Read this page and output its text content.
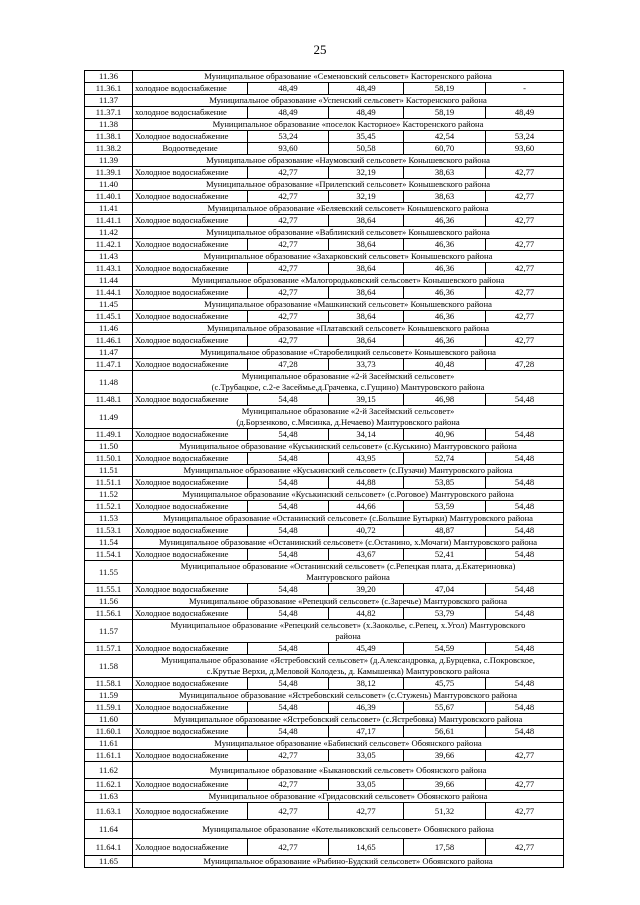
25
11.36	Муниципальное образование «Семеновский сельсовет» Касторенского района				

11.36.1	холодное водоснабжение	48,49	48,49	58,19	-
11.37	Муниципальное образование «Успенский сельсовет» Касторенского района				

11.37.1	холодное водоснабжение	48,49	48,49	58,19	48,49
11.38	Муниципальное образование «поселок Касторное» Касторенского района				

11.38.1	Холодное водоснабжение	53,24	35,45	42,54	53,24
11.38.2	Водоотведение	93,60	50,58	60,70	93,60
11.39	Муниципальное образование «Наумовский сельсовет» Конышевского района				

11.39.1	Холодное водоснабжение	42,77	32,19	38,63	42,77
11.40	Муниципальное образование «Прилепский сельсовет» Конышевского района				

11.40.1	Холодное водоснабжение	42,77	32,19	38,63	42,77
11.41	Муниципальное образование «Беляевский сельсовет» Конышевского района				

11.41.1	Холодное водоснабжение	42,77	38,64	46,36	42,77
11.42	Муниципальное образование «Ваблинский сельсовет» Конышевского района				

11.42.1	Холодное водоснабжение	42,77	38,64	46,36	42,77
11.43	Муниципальное образование «Захарковский сельсовет» Конышевского района				

11.43.1	Холодное водоснабжение	42,77	38,64	46,36	42,77
11.44	Муниципальное образование «Малогородьковский сельсовет» Конышевского района				

11.44.1	Холодное водоснабжение	42,77	38,64	46,36	42,77
11.45	Муниципальное образование «Машкинский сельсовет» Конышевского района				

11.45.1	Холодное водоснабжение	42,77	38,64	46,36	42,77
11.46	Муниципальное образование «Платавский сельсовет» Конышевского района				

11.46.1	Холодное водоснабжение	42,77	38,64	46,36	42,77
11.47	Муниципальное образование «Старобелицкий сельсовет» Конышевского района				

11.47.1	Холодное водоснабжение	47,28	33,73	40,48	47,28
11.48	Муниципальное образование «2-й Засеймский сельсовет»
(с.Трубацкое, с.2-е Засеймье,д.Грачевка, с.Гущино) Мантуровского района				

11.48.1	Холодное водоснабжение	54,48	39,15	46,98	54,48
11.49	Муниципальное образование «2-й Засеймский сельсовет»
(д.Борзенково, с.Мясинка, д.Нечаево) Мантуровского района				

11.49.1	Холодное водоснабжение	54,48	34,14	40,96	54,48
11.50	Муниципальное образование «Куськинский сельсовет» (с.Куськино) Мантуровского района				

11.50.1	Холодное водоснабжение	54,48	43,95	52,74	54,48
11.51	Муниципальное образование «Куськинский сельсовет» (с.Пузачи) Мантуровского района				

11.51.1	Холодное водоснабжение	54,48	44,88	53,85	54,48
11.52	Муниципальное образование «Куськинский сельсовет» (с.Роговое) Мантуровского района				

11.52.1	Холодное водоснабжение	54,48	44,66	53,59	54,48
11.53	Муниципальное образование «Останинский сельсовет» (с.Большие Бутырки) Мантуровского района				

11.53.1	Холодное водоснабжение	54,48	40,72	48,87	54,48
11.54	Муниципальное образование «Останинский сельсовет» (с.Останино, х.Мочаги) Мантуровского района				

11.54.1	Холодное водоснабжение	54,48	43,67	52,41	54,48
11.55	Муниципальное образование «Останинский сельсовет» (с.Репецкая плата, д.Екатериновка)
Мантуровского района				

11.55.1	Холодное водоснабжение	54,48	39,20	47,04	54,48
11.56	Муниципальное образование «Репецкий сельсовет» (с.Заречье) Мантуровского района				

11.56.1	Холодное водоснабжение	54,48	44,82	53,79	54,48
11.57	Муниципальное образование «Репецкий сельсовет» (х.Заоколье, с.Репец, х.Угол) Мантуровского
района				

11.57.1	Холодное водоснабжение	54,48	45,49	54,59	54,48
11.58	Муниципальное образование «Ястребовский сельсовет» (д.Александровка, д.Бурцевка, с.Покровское,
с.Крутые Верхи, д.Меловой Колодезь, д. Камышенка) Мантуровского района				

11.58.1	Холодное водоснабжение	54,48	38,12	45,75	54,48
11.59	Муниципальное образование «Ястребовский сельсовет» (с.Стужень) Мантуровского района				

11.59.1	Холодное водоснабжение	54,48	46,39	55,67	54,48
11.60	Муниципальное образование «Ястребовский сельсовет» (с.Ястребовка) Мантуровского района				

11.60.1	Холодное водоснабжение	54,48	47,17	56,61	54,48
11.61	Муниципальное образование «Бабинский сельсовет» Обоянского района				

11.61.1	Холодное водоснабжение	42,77	33,05	39,66	42,77
11.62	Муниципальное образование «Быкановский сельсовет» Обоянского района				

11.62.1	Холодное водоснабжение	42,77	33,05	39,66	42,77
11.63	Муниципальное образование «Гридасовский сельсовет» Обоянского района				

11.63.1	Холодное водоснабжение	42,77	42,77	51,32	42,77
11.64	Муниципальное образование «Котельниковский сельсовет» Обоянского района				

11.64.1	Холодное водоснабжение	42,77	14,65	17,58	42,77
11.65	Муниципальное образование «Рыбино-Будский сельсовет» Обоянского района				
